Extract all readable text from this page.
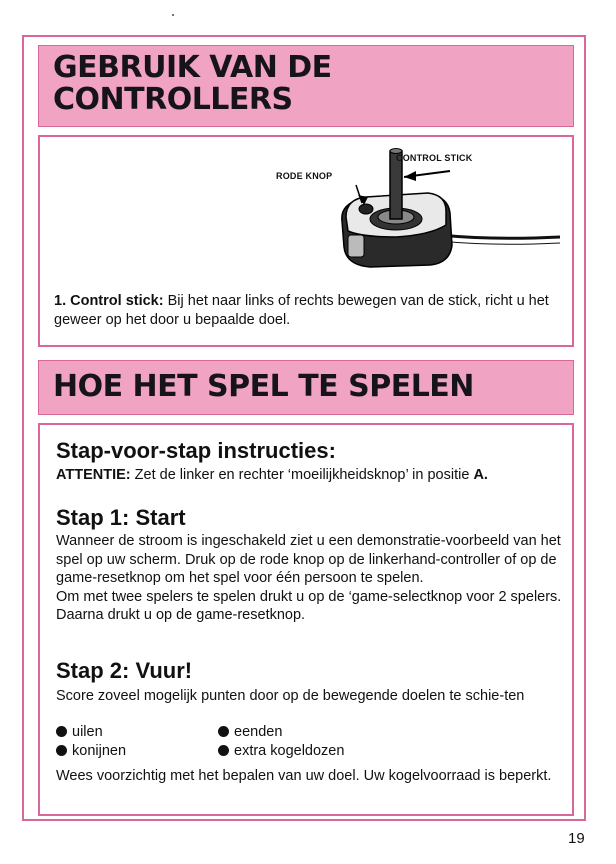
GEBRUIK VAN DE CONTROLLERS
CONTROL STICK
RODE KNOP
1. Control stick: Bij het naar links of rechts bewegen van de stick, richt u het geweer op het door u bepaalde doel.
HOE HET SPEL TE SPELEN
Stap-voor-stap instructies:
ATTENTIE: Zet de linker en rechter ‘moeilijkheidsknop’ in positie A.
Stap 1: Start
Wanneer de stroom is ingeschakeld ziet u een demonstratie-voorbeeld van het spel op uw scherm. Druk op de rode knop op de linkerhand-controller of op de game-resetknop om het spel voor één persoon te spelen.
Om met twee spelers te spelen drukt u op de ‘game-selectknop voor 2 spelers. Daarna drukt u op de game-resetknop.
Stap 2: Vuur!
Score zoveel mogelijk punten door op de bewegende doelen te schie-ten
uilen	eenden
konijnen	extra kogeldozen
Wees voorzichtig met het bepalen van uw doel. Uw kogelvoorraad is beperkt.
19
